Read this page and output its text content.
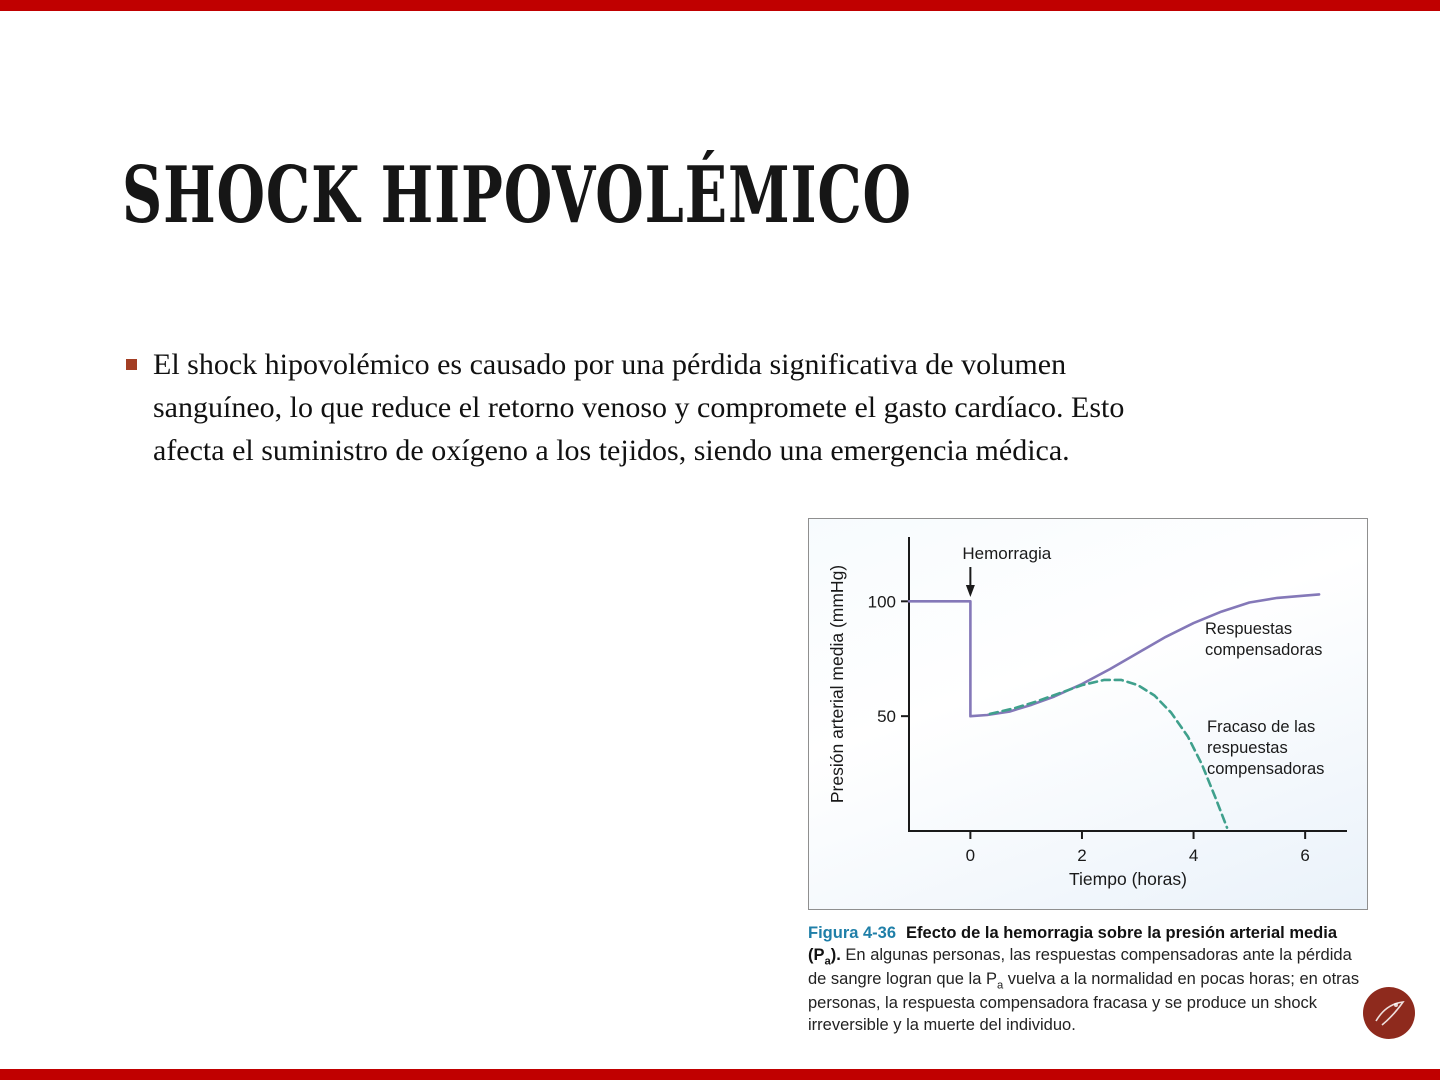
SHOCK HIPOVOLÉMICO

El shock hipovolémico es causado por una pérdida significativa de volumen sanguíneo, lo que reduce el retorno venoso y compromete el gasto cardíaco. Esto afecta el suministro de oxígeno a los tejidos, siendo una emergencia médica.

50
100
0	2	4	6
Tiempo (horas)
Presión arterial media (mmHg)
Hemorragia
Respuestas compensadoras
Fracaso de las respuestas compensadoras
Figura 4-36 Efecto de la hemorragia sobre la presión arterial media $(P_a)$. En algunas personas, las respuestas compensadoras ante la pérdida de sangre logran que la $P_a$ vuelva a la normalidad en pocas horas; en otras personas, la respuesta compensadora fracasa y se produce un shock irreversible y la muerte del individuo.
